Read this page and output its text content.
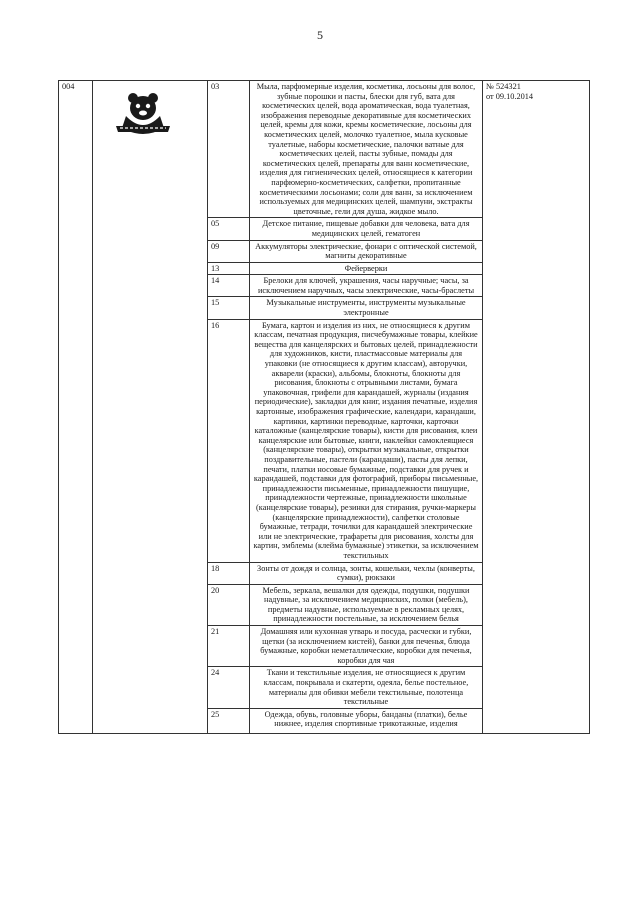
5
004		03	Мыла, парфюмерные изделия, косметика, лосьоны для волос, зубные порошки и пасты, блески для губ, вата для косметических целей, вода ароматическая, вода туалетная, изображения переводные декоративные для косметических целей, кремы для кожи, кремы косметические, лосьоны для косметических целей, молочко туалетное, мыла кусковые туалетные, наборы косметические, палочки ватные для косметических целей, пасты зубные, помады для косметических целей, препараты для ванн косметические, изделия для гигиенических целей, относящиеся к категории парфюмерно-косметических, салфетки, пропитанные косметическими лосьонами; соли для ванн, за исключением используемых для медицинских целей, шампуни, экстракты цветочные, гели для душа, жидкое мыло.	№ 524321
от 09.10.2014

		05	Детское питание, пищевые добавки для человека, вата для медицинских целей, гематоген	
		09	Аккумуляторы электрические, фонари с оптической системой, магниты декоративные	
		13	Фейерверки	
		14	Брелоки для ключей, украшения, часы наручные; часы, за исключением наручных, часы электрические, часы-браслеты	
		15	Музыкальные инструменты, инструменты музыкальные электронные	
		16	Бумага, картон и изделия из них, не относящиеся к другим классам, печатная продукция, писчебумажные товары, клейкие вещества для канцелярских и бытовых целей, принадлежности для художников, кисти, пластмассовые материалы для упаковки (не относящиеся к другим классам), авторучки, акварели (краски), альбомы, блокноты, блокноты для рисования, блокноты с отрывными листами, бумага упаковочная, грифели для карандашей, журналы (издания периодические), закладки для книг, издания печатные, изделия картонные, изображения графические, календари, карандаши, картинки, картинки переводные, карточки, карточки каталожные (канцелярские товары), кисти для рисования, клеи канцелярские или бытовые, книги, наклейки самоклеящиеся (канцелярские товары), открытки музыкальные, открытки поздравительные, пастели (карандаши), пасты для лепки, печати, платки носовые бумажные, подставки для ручек и карандашей, подставки для фотографий, приборы письменные, принадлежности письменные, принадлежности пишущие, принадлежности чертежные, принадлежности школьные (канцелярские товары), резинки для стирания, ручки-маркеры (канцелярские принадлежности), салфетки столовые бумажные, тетради, точилки для карандашей электрические или не электрические, трафареты для рисования, холсты для картин, эмблемы (клейма бумажные) этикетки, за исключением текстильных	
		18	Зонты от дождя и солнца, зонты, кошельки, чехлы (конверты, сумки), рюкзаки	
		20	Мебель, зеркала, вешалки для одежды, подушки, подушки надувные, за исключением медицинских, полки (мебель), предметы надувные, используемые в рекламных целях, принадлежности постельные, за исключением белья	
		21	Домашняя или кухонная утварь и посуда, расчески и губки, щетки (за исключением кистей), банки для печенья, блюда бумажные, коробки неметаллические, коробки для печенья, коробки для чая	
		24	Ткани и текстильные изделия, не относящиеся к другим классам, покрывала и скатерти, одеяла, белье постельное, материалы для обивки мебели текстильные, полотенца текстильные	
		25	Одежда, обувь, головные уборы, банданы (платки), белье нижнее, изделия спортивные трикотажные, изделия	
